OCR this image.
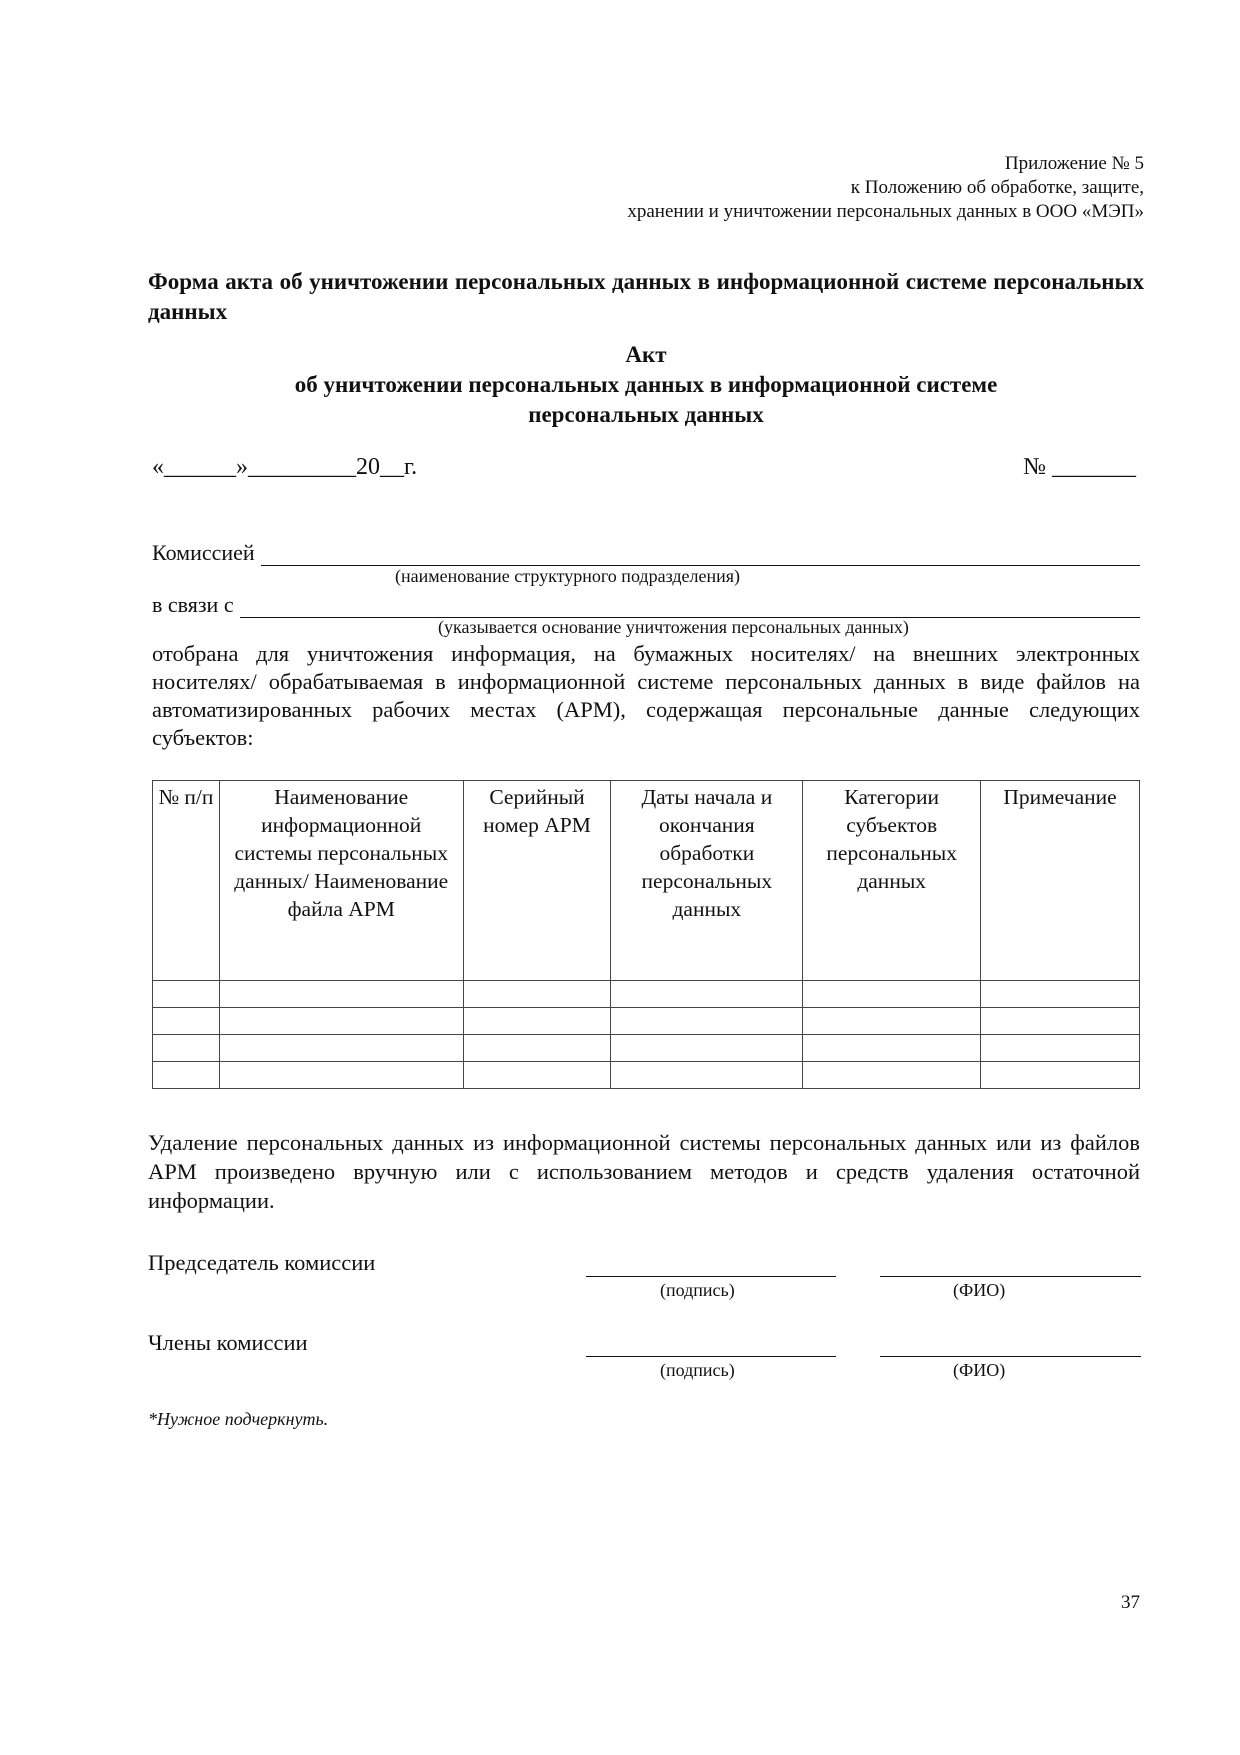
Приложение № 5
к Положению об обработке, защите,
хранении и уничтожении персональных данных в ООО «МЭП»
Форма акта об уничтожении персональных данных в информационной системе персональных данных
Акт
об уничтожении персональных данных в информационной системе
персональных данных
«______»_________20__г.	№ _______
Комиссией
(наименование структурного подразделения)
в связи с
(указывается основание уничтожения персональных данных)
отобрана для уничтожения информация, на бумажных носителях/ на внешних электронных носителях/ обрабатываемая в информационной системе персональных данных в виде файлов на автоматизированных рабочих местах (АРМ), содержащая персональные данные следующих субъектов:
№ п/п	Наименование информационной системы персональных данных/ Наименование файла АРМ	Серийный номер АРМ	Даты начала и окончания обработки персональных данных	Категории субъектов персональных данных	Примечание

Удаление персональных данных из информационной системы персональных данных или из файлов АРМ произведено вручную или с использованием методов и средств удаления остаточной информации.
Председатель комиссии
(подпись)	(ФИО)
Члены комиссии
(подпись)	(ФИО)
*Нужное подчеркнуть.
37
